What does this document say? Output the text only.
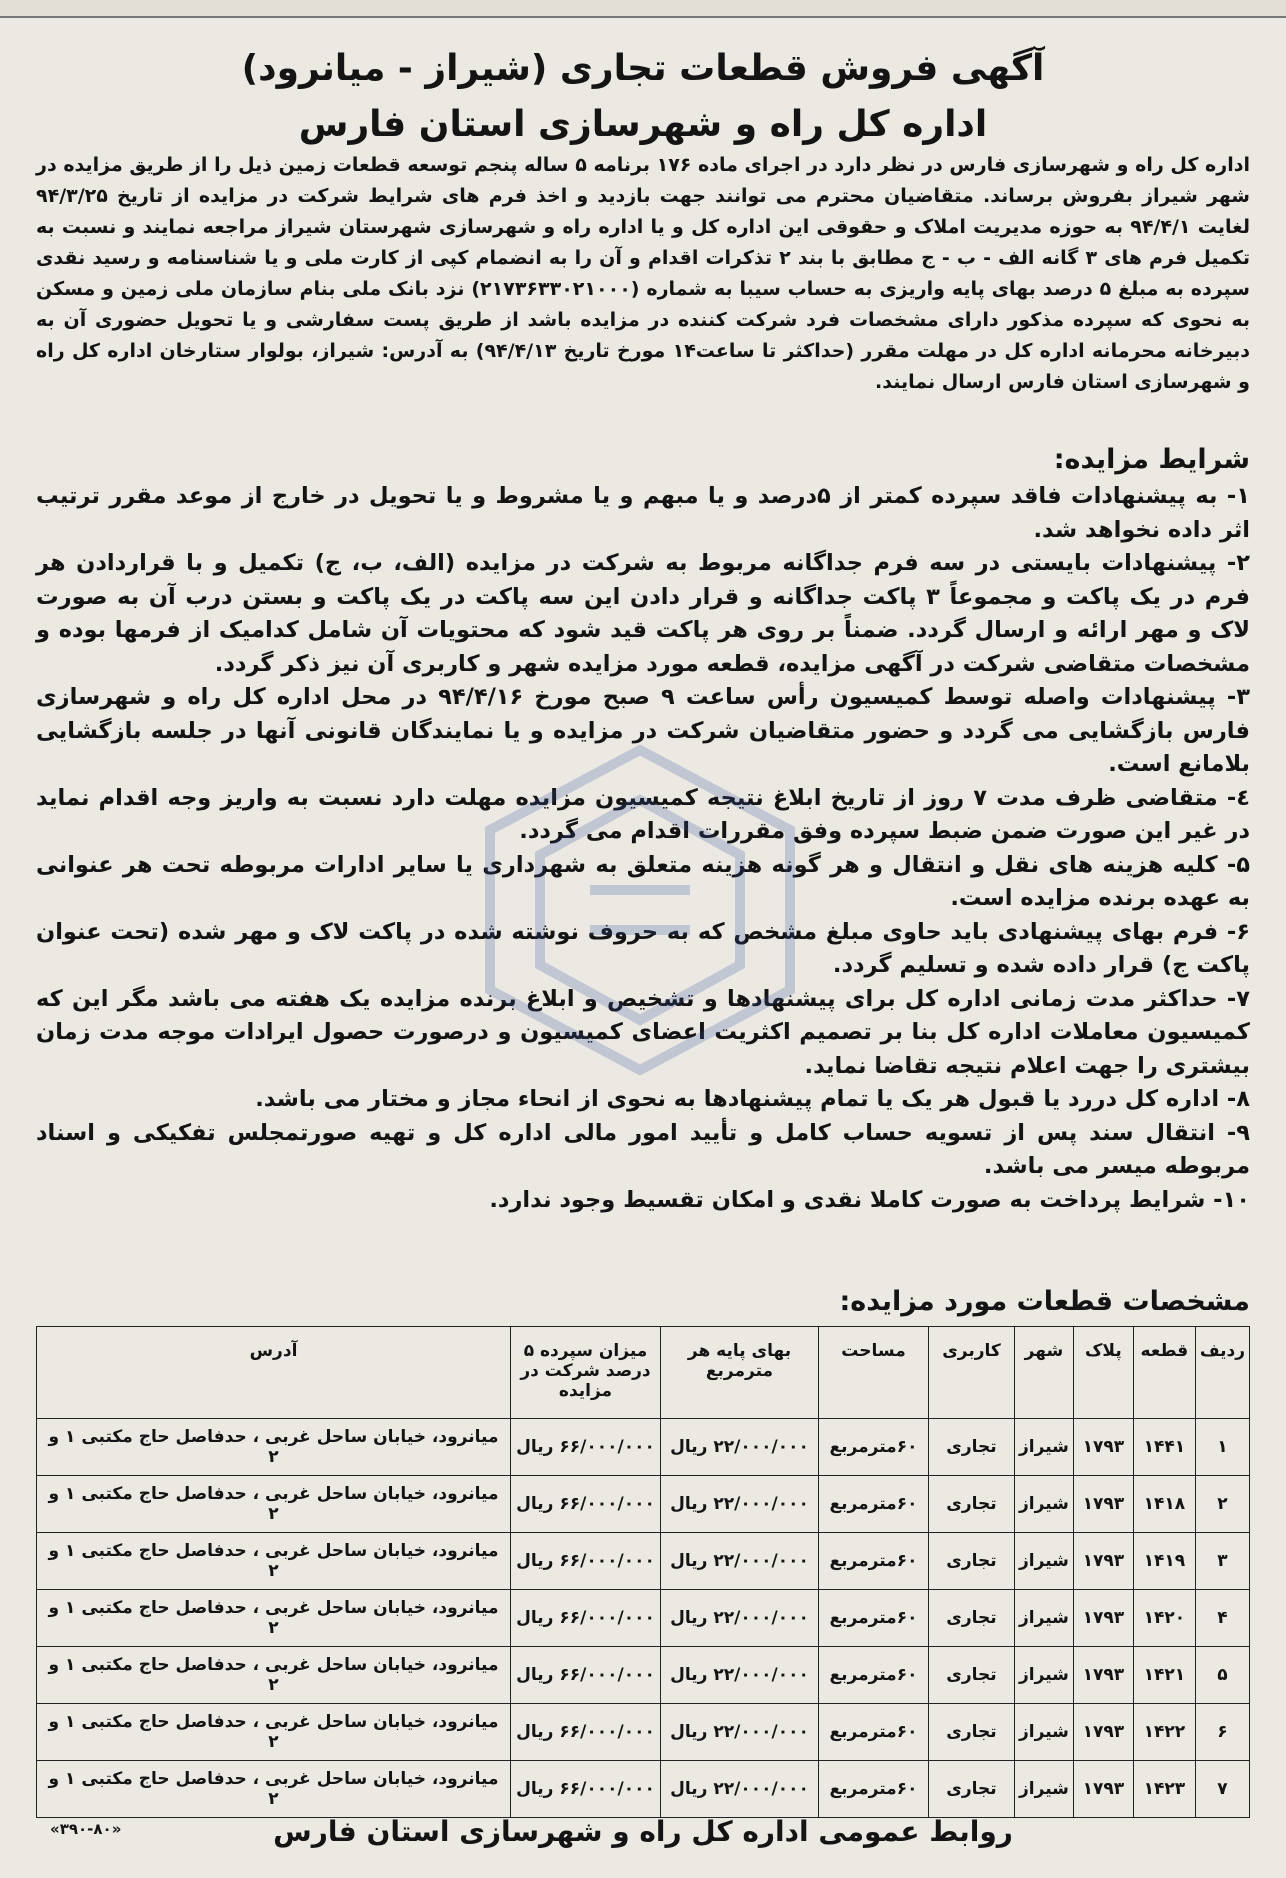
آگهی فروش قطعات تجاری (شیراز - میانرود)
اداره کل راه و شهرسازی استان فارس

اداره کل راه و شهرسازی فارس در نظر دارد در اجرای ماده ۱۷۶ برنامه ۵ ساله پنجم توسعه قطعات زمین ذیل را از طریق مزایده در شهر شیراز بفروش برساند. متقاضیان محترم می توانند جهت بازدید و اخذ فرم های شرایط شرکت در مزایده از تاریخ ۹۴/۳/۲۵ لغایت ۹۴/۴/۱ به حوزه مدیریت املاک و حقوقی این اداره کل و یا اداره راه و شهرسازی شهرستان شیراز مراجعه نمایند و نسبت به تکمیل فرم های ۳ گانه الف - ب - ج مطابق با بند ۲ تذکرات اقدام و آن را به انضمام کپی از کارت ملی و یا شناسنامه و رسید نقدی سپرده به مبلغ ۵ درصد بهای پایه واریزی به حساب سیبا به شماره (۲۱۷۳۶۳۳۰۲۱۰۰۰) نزد بانک ملی بنام سازمان ملی زمین و مسکن به نحوی که سپرده مذکور دارای مشخصات فرد شرکت کننده در مزایده باشد از طریق پست سفارشی و یا تحویل حضوری آن به دبیرخانه محرمانه اداره کل در مهلت مقرر (حداکثر تا ساعت۱۴ مورخ تاریخ ۹۴/۴/۱۳) به آدرس: شیراز، بولوار ستارخان اداره کل راه و شهرسازی استان فارس ارسال نمایند.

شرایط مزایده:

۱- به پیشنهادات فاقد سپرده کمتر از ۵درصد و یا مبهم و یا مشروط و یا تحویل در خارج از موعد مقرر ترتیب اثر داده نخواهد شد.

۲- پیشنهادات بایستی در سه فرم جداگانه مربوط به شرکت در مزایده (الف، ب، ج) تکمیل و با قراردادن هر فرم در یک پاکت و مجموعاً ۳ پاکت جداگانه و قرار دادن این سه پاکت در یک پاکت و بستن درب آن به صورت لاک و مهر ارائه و ارسال گردد. ضمناً بر روی هر پاکت قید شود که محتویات آن شامل کدامیک از فرمها بوده و مشخصات متقاضی شرکت در آگهی مزایده، قطعه مورد مزایده شهر و کاربری آن نیز ذکر گردد.

۳- پیشنهادات واصله توسط کمیسیون رأس ساعت ۹ صبح مورخ ۹۴/۴/۱۶ در محل اداره کل راه و شهرسازی فارس بازگشایی می گردد و حضور متقاضیان شرکت در مزایده و یا نمایندگان قانونی آنها در جلسه بازگشایی بلامانع است.

٤- متقاضی ظرف مدت ۷ روز از تاریخ ابلاغ نتیجه کمیسیون مزایده مهلت دارد نسبت به واریز وجه اقدام نماید در غیر این صورت ضمن ضبط سپرده وفق مقررات اقدام می گردد.

۵- کلیه هزینه های نقل و انتقال و هر گونه هزینه متعلق به شهرداری یا سایر ادارات مربوطه تحت هر عنوانی به عهده برنده مزایده است.

۶- فرم بهای پیشنهادی باید حاوی مبلغ مشخص که به حروف نوشته شده در پاکت لاک و مهر شده (تحت عنوان پاکت ج) قرار داده شده و تسلیم گردد.

۷- حداکثر مدت زمانی اداره کل برای پیشنهادها و تشخیص و ابلاغ برنده مزایده یک هفته می باشد مگر این که کمیسیون معاملات اداره کل بنا بر تصمیم اکثریت اعضای کمیسیون و درصورت حصول ایرادات موجه مدت زمان بیشتری را جهت اعلام نتیجه تقاضا نماید.

۸- اداره کل دررد یا قبول هر یک یا تمام پیشنهادها به نحوی از انحاء مجاز و مختار می باشد.

۹- انتقال سند پس از تسویه حساب کامل و تأیید امور مالی اداره کل و تهیه صورتمجلس تفکیکی و اسناد مربوطه میسر می باشد.

۱۰- شرایط پرداخت به صورت کاملا نقدی و امکان تقسیط وجود ندارد.

مشخصات قطعات مورد مزایده:
ردیف	قطعه	پلاک	شهر	کاربری	مساحت	بهای پایه هر مترمربع	میزان سپرده ۵ درصد شرکت در مزایده	آدرس
۱	۱۴۴۱	۱۷۹۳	شیراز	تجاری	۶۰مترمربع	۲۲/۰۰۰/۰۰۰ ریال	۶۶/۰۰۰/۰۰۰ ریال	میانرود، خیابان ساحل غربی ، حدفاصل حاج مکتبی ۱ و ۲
۲	۱۴۱۸	۱۷۹۳	شیراز	تجاری	۶۰مترمربع	۲۲/۰۰۰/۰۰۰ ریال	۶۶/۰۰۰/۰۰۰ ریال	میانرود، خیابان ساحل غربی ، حدفاصل حاج مکتبی ۱ و ۲
۳	۱۴۱۹	۱۷۹۳	شیراز	تجاری	۶۰مترمربع	۲۲/۰۰۰/۰۰۰ ریال	۶۶/۰۰۰/۰۰۰ ریال	میانرود، خیابان ساحل غربی ، حدفاصل حاج مکتبی ۱ و ۲
۴	۱۴۲۰	۱۷۹۳	شیراز	تجاری	۶۰مترمربع	۲۲/۰۰۰/۰۰۰ ریال	۶۶/۰۰۰/۰۰۰ ریال	میانرود، خیابان ساحل غربی ، حدفاصل حاج مکتبی ۱ و ۲
۵	۱۴۲۱	۱۷۹۳	شیراز	تجاری	۶۰مترمربع	۲۲/۰۰۰/۰۰۰ ریال	۶۶/۰۰۰/۰۰۰ ریال	میانرود، خیابان ساحل غربی ، حدفاصل حاج مکتبی ۱ و ۲
۶	۱۴۲۲	۱۷۹۳	شیراز	تجاری	۶۰مترمربع	۲۲/۰۰۰/۰۰۰ ریال	۶۶/۰۰۰/۰۰۰ ریال	میانرود، خیابان ساحل غربی ، حدفاصل حاج مکتبی ۱ و ۲
۷	۱۴۲۳	۱۷۹۳	شیراز	تجاری	۶۰مترمربع	۲۲/۰۰۰/۰۰۰ ریال	۶۶/۰۰۰/۰۰۰ ریال	میانرود، خیابان ساحل غربی ، حدفاصل حاج مکتبی ۱ و ۲
روابط عمومی اداره کل راه و شهرسازی استان فارس
«۳۹۰-۸۰»
